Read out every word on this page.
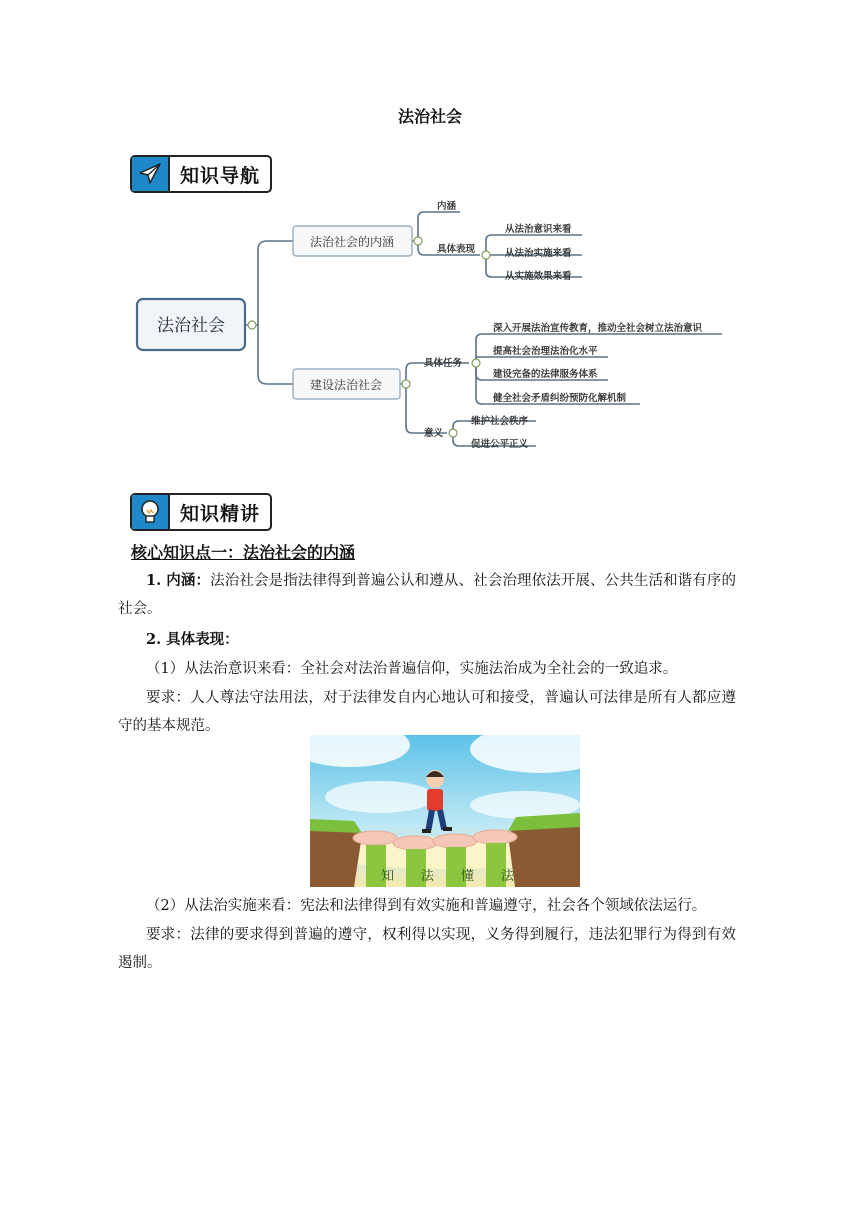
法治社会
知识导航
法治社会
法治社会的内涵
建设法治社会
内涵
具体表现
从法治意识来看
从法治实施来看
从实施效果来看
具体任务
深入开展法治宣传教育，推动全社会树立法治意识
提高社会治理法治化水平
建设完备的法律服务体系
健全社会矛盾纠纷预防化解机制
意义
维护社会秩序
促进公平正义
知识精讲
核心知识点一：法治社会的内涵
1. 内涵：法治社会是指法律得到普遍公认和遵从、社会治理依法开展、公共生活和谐有序的社会。
2. 具体表现：
（1）从法治意识来看：全社会对法治普遍信仰，实施法治成为全社会的一致追求。
要求：人人尊法守法用法，对于法律发自内心地认可和接受，普遍认可法律是所有人都应遵守的基本规范。
知 法 懂 法
（2）从法治实施来看：宪法和法律得到有效实施和普遍遵守，社会各个领域依法运行。
要求：法律的要求得到普遍的遵守，权利得以实现，义务得到履行，违法犯罪行为得到有效遏制。
